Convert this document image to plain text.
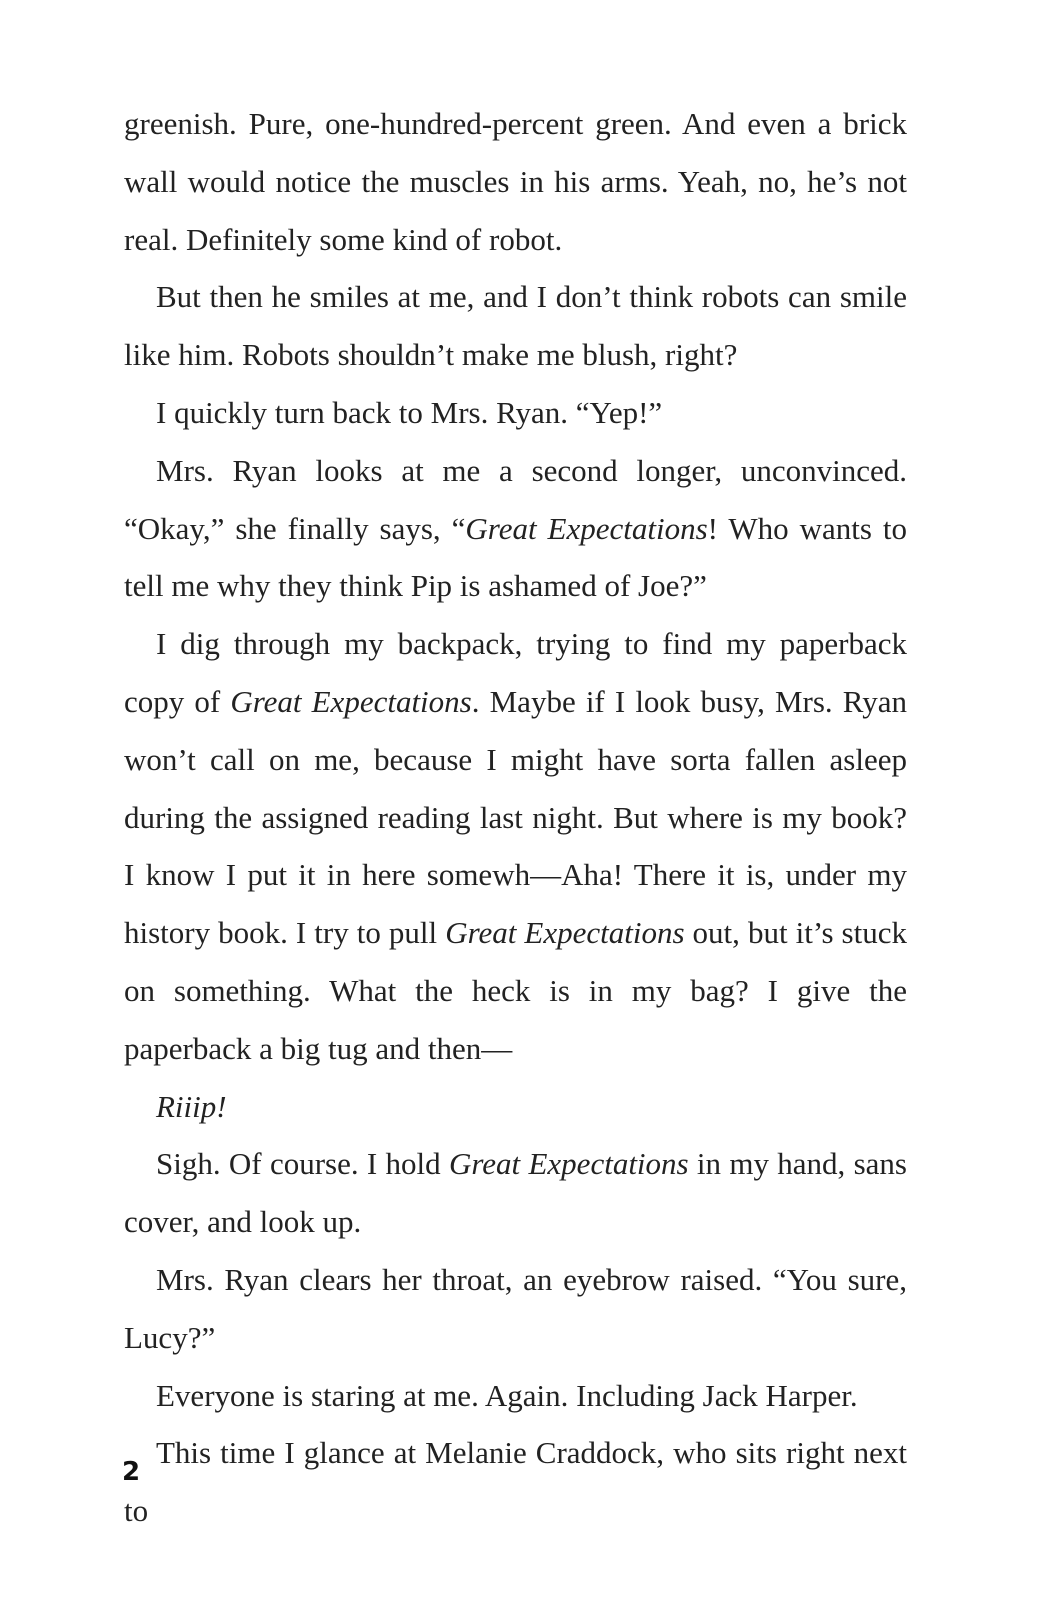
greenish. Pure, one-hundred-percent green. And even a brick wall would notice the muscles in his arms. Yeah, no, he’s not real. Definitely some kind of robot.

But then he smiles at me, and I don’t think robots can smile like him. Robots shouldn’t make me blush, right?

I quickly turn back to Mrs. Ryan. “Yep!”

Mrs. Ryan looks at me a second longer, unconvinced. “Okay,” she finally says, “Great Expectations! Who wants to tell me why they think Pip is ashamed of Joe?”

I dig through my backpack, trying to find my paperback copy of Great Expectations. Maybe if I look busy, Mrs. Ryan won’t call on me, because I might have sorta fallen asleep during the assigned reading last night. But where is my book? I know I put it in here somewh—Aha! There it is, under my history book. I try to pull Great Expectations out, but it’s stuck on something. What the heck is in my bag? I give the paperback a big tug and then—

Riiip!

Sigh. Of course. I hold Great Expectations in my hand, sans cover, and look up.

Mrs. Ryan clears her throat, an eyebrow raised. “You sure, Lucy?”

Everyone is staring at me. Again. Including Jack Harper.

This time I glance at Melanie Craddock, who sits right next to

2
